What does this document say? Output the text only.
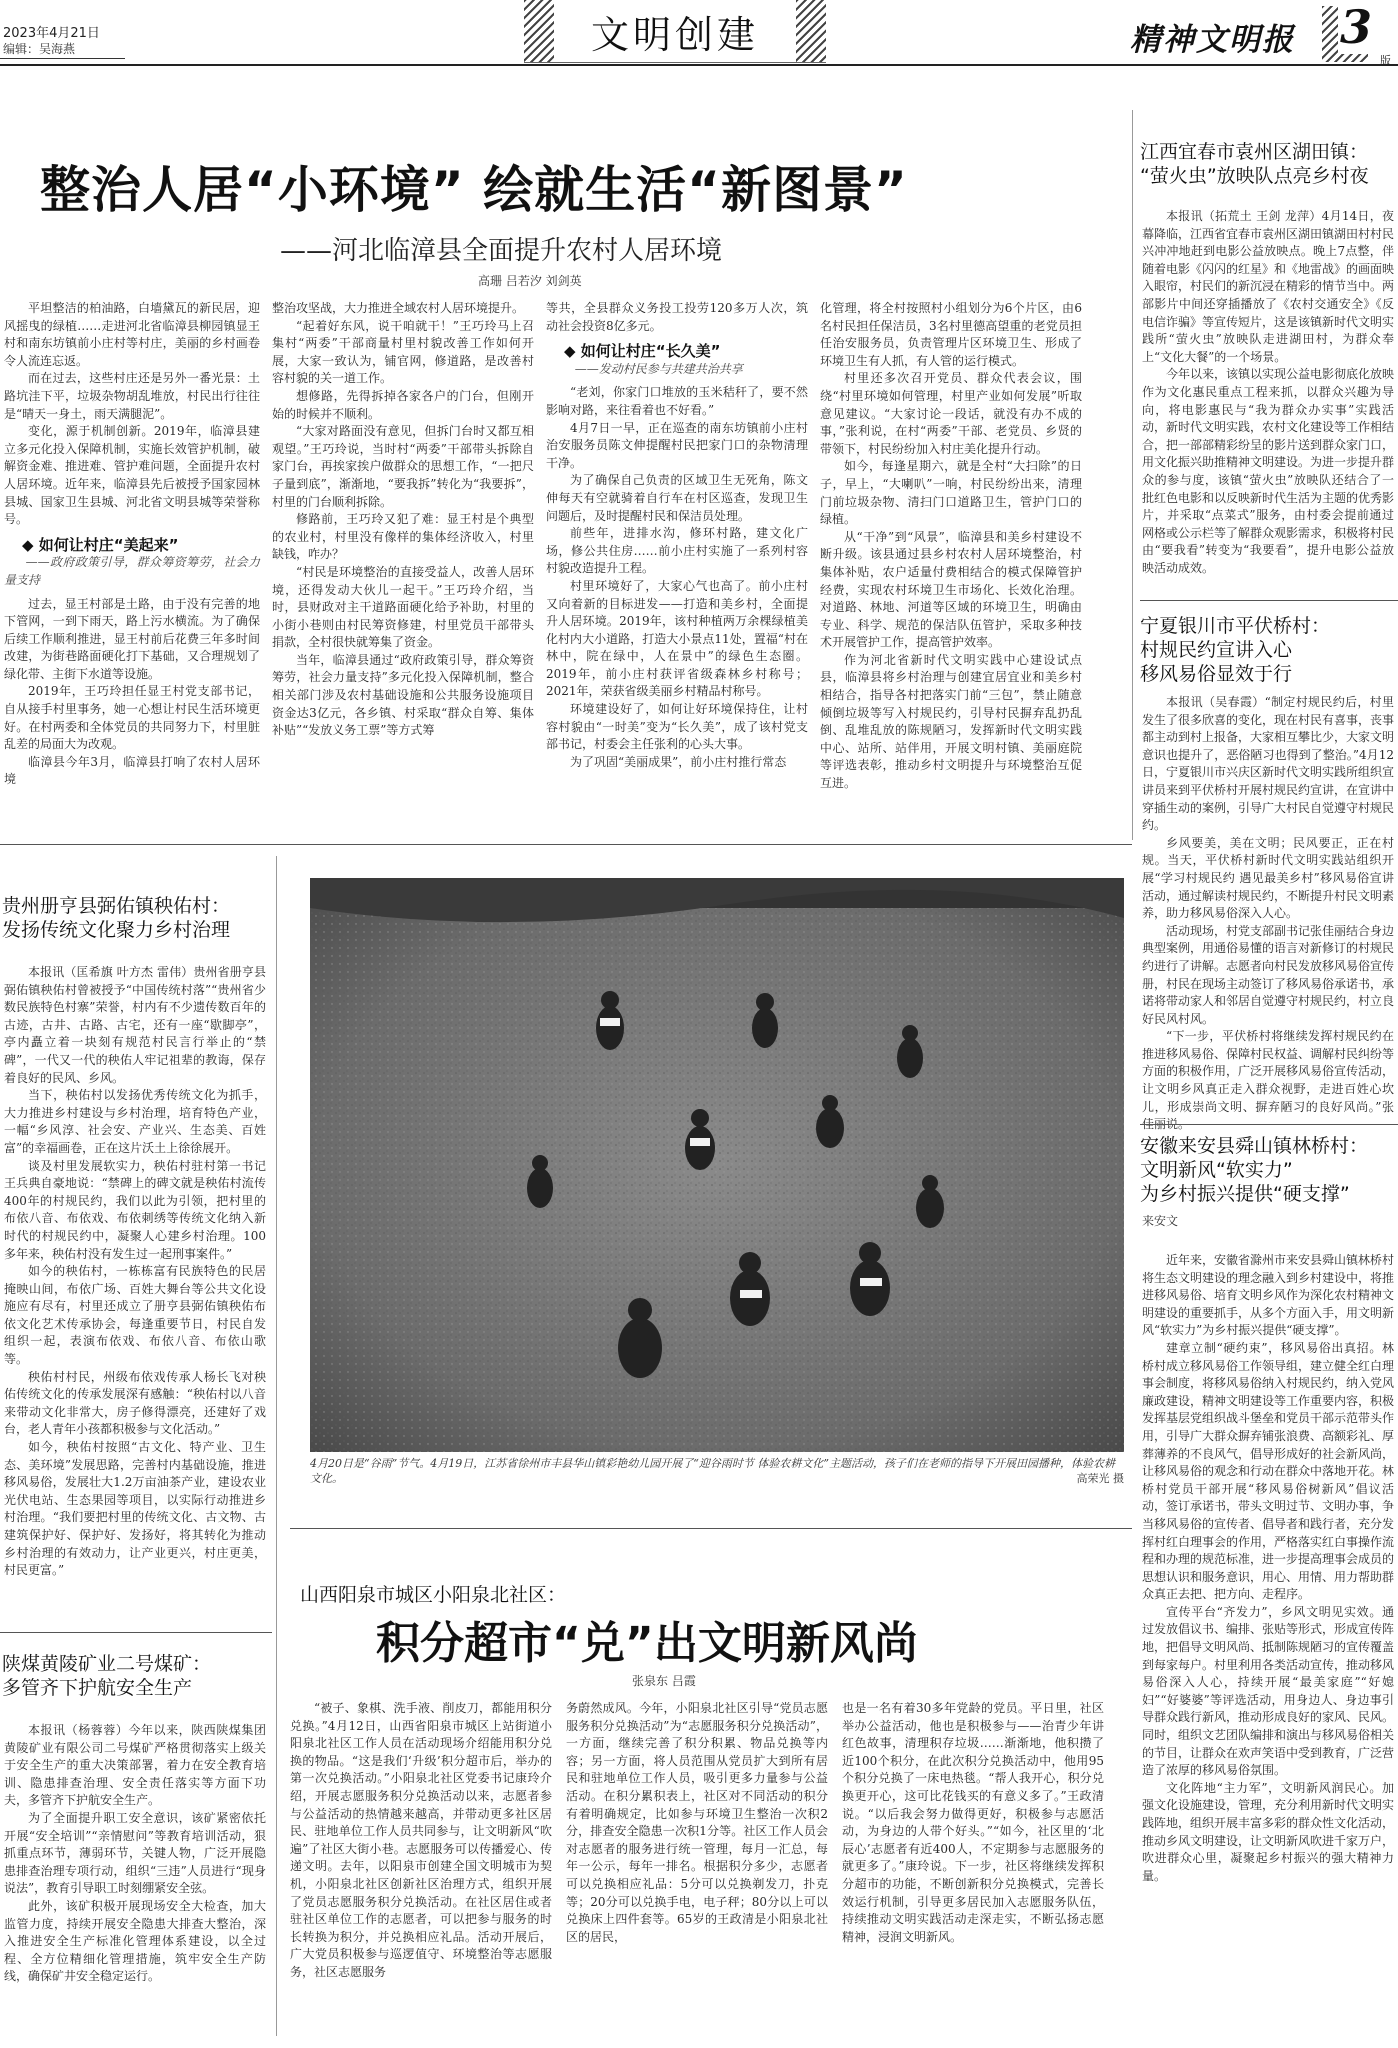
2023年4月21日
编辑：吴海燕	文明创建	精神文明报 3
版
整治人居“小环境” 绘就生活“新图景”
——河北临漳县全面提升农村人居环境
高珊 吕若汐 刘剑英

平坦整洁的柏油路，白墙黛瓦的新民居，迎风摇曳的绿植……走进河北省临漳县柳园镇显王村和南东坊镇前小庄村等村庄，美丽的乡村画卷令人流连忘返。

而在过去，这些村庄还是另外一番光景：土路坑洼下平，垃圾杂物胡乱堆放，村民出行往往是“晴天一身土，雨天满腿泥”。

变化，源于机制创新。2019年，临漳县建立多元化投入保障机制，实施长效管护机制，破解资金难、推进难、管护难问题，全面提升农村人居环境。近年来，临漳县先后被授予国家园林县城、国家卫生县城、河北省文明县城等荣誉称号。

◆ 如何让村庄“美起来”
——政府政策引导，群众筹资筹劳，社会力量支持

过去，显王村部是土路，由于没有完善的地下管网，一到下雨天，路上污水横流。为了确保后续工作顺利推进，显王村前后花费三年多时间改建，为街巷路面硬化打下基础，又合理规划了绿化带、主街下水道等设施。

2019年，王巧玲担任显王村党支部书记，自从接手村里事务，她一心想让村民生活环境更好。在村两委和全体党员的共同努力下，村里脏乱差的局面大为改观。

临漳县今年3月，临漳县打响了农村人居环境

整治攻坚战，大力推进全域农村人居环境提升。

“起着好东风，说干咱就干！”王巧玲马上召集村“两委”干部商量村里村貌改善工作如何开展，大家一致认为，铺官网，修道路，是改善村容村貌的关一道工作。

想修路，先得拆掉各家各户的门台，但刚开始的时候并不顺利。

“大家对路面没有意见，但拆门台时又都互相观望。”王巧玲说，当时村“两委”干部带头拆除自家门台，再挨家挨户做群众的思想工作，“一把尺子量到底”，渐渐地，“要我拆”转化为“我要拆”，村里的门台顺利拆除。

修路前，王巧玲又犯了难：显王村是个典型的农业村，村里没有像样的集体经济收入，村里缺钱，咋办？

“村民是环境整治的直接受益人，改善人居环境，还得发动大伙儿一起干。”王巧玲介绍，当时，县财政对主干道路面硬化给予补助，村里的小街小巷则由村民筹资修建，村里党员干部带头捐款，全村很快就筹集了资金。

当年，临漳县通过“政府政策引导，群众筹资筹劳，社会力量支持”多元化投入保障机制，整合相关部门涉及农村基础设施和公共服务设施项目资金达3亿元，各乡镇、村采取“群众自筹、集体补贴”“发放义务工票”等方式筹

等共，全县群众义务投工投劳120多万人次，筑动社会投资8亿多元。

◆ 如何让村庄“长久美”
——发动村民参与共建共治共享

“老刘，你家门口堆放的玉米秸秆了，要不然影响对路，来往看着也不好看。”

4月7日一早，正在巡查的南东坊镇前小庄村治安服务员陈文伸提醒村民把家门口的杂物清理干净。

为了确保自己负责的区域卫生无死角，陈文伸每天有空就骑着自行车在村区巡查，发现卫生问题后，及时提醒村民和保洁员处理。

前些年，进排水沟，修环村路，建文化广场，修公共住房……前小庄村实施了一系列村容村貌改造提升工程。

村里环境好了，大家心气也高了。前小庄村又向着新的目标进发——打造和美乡村，全面提升人居环境。2019年，该村种植两万余棵绿植美化村内大小道路，打造大小景点11处，置福“村在林中，院在绿中，人在景中”的绿色生态圈。2019年，前小庄村获评省级森林乡村称号；2021年，荣获省级美丽乡村精品村称号。

环境建设好了，如何让好环境保持住，让村容村貌由“一时美”变为“长久美”，成了该村党支部书记，村委会主任张利的心头大事。

为了巩固“美丽成果”，前小庄村推行常态

化管理，将全村按照村小组划分为6个片区，由6名村民担任保洁员，3名村里德高望重的老党员担任治安服务员，负责管理片区环境卫生、形成了环境卫生有人抓，有人管的运行模式。

村里还多次召开党员、群众代表会议，围绕“村里环境如何管理，村里产业如何发展”听取意见建议。“大家讨论一段话，就没有办不成的事，”张利说，在村“两委”干部、老党员、乡贤的带领下，村民纷纷加入村庄美化提升行动。

如今，每逢星期六，就是全村“大扫除”的日子，早上，“大喇叭”一响，村民纷纷出来，清理门前垃圾杂物、清扫门口道路卫生，管护门口的绿植。

从“干净”到“风景”，临漳县和美乡村建设不断升级。该县通过县乡村农村人居环境整治，村集体补贴，农户适量付费相结合的模式保障管护经费，实现农村环境卫生市场化、长效化治理。对道路、林地、河道等区域的环境卫生，明确由专业、科学、规范的保洁队伍管护，采取多种技术开展管护工作，提高管护效率。

作为河北省新时代文明实践中心建设试点县，临漳县将乡村治理与创建宜居宜业和美乡村相结合，指导各村把落实门前“三包”，禁止随意倾倒垃圾等写入村规民约，引导村民摒弃乱扔乱倒、乱堆乱放的陈规陋习，发挥新时代文明实践中心、站所、站伴用，开展文明村镇、美丽庭院等评选表彰，推动乡村文明提升与环境整治互促互进。

江西宜春市袁州区湖田镇：
“萤火虫”放映队点亮乡村夜

本报讯（拓荒土 王剑 龙萍）4月14日，夜幕降临，江西省宜春市袁州区湖田镇湖田村村民兴冲冲地赶到电影公益放映点。晚上7点整，伴随着电影《闪闪的红星》和《地雷战》的画面映入眼帘，村民们的新沉浸在精彩的情节当中。两部影片中间还穿插播放了《农村交通安全》《反电信诈骗》等宣传短片，这是该镇新时代文明实践所“萤火虫”放映队走进湖田村，为群众奉上“文化大餐”的一个场景。

今年以来，该镇以实现公益电影彻底化放映作为文化惠民重点工程来抓，以群众兴趣为导向，将电影惠民与“我为群众办实事”实践活动，新时代文明实践，农村文化建设等工作相结合，把一部部精彩纷呈的影片送到群众家门口，用文化振兴助推精神文明建设。为进一步提升群众的参与度，该镇“萤火虫”放映队还结合了一批红色电影和以反映新时代生活为主题的优秀影片，并采取“点菜式”服务，由村委会提前通过网格或公示栏等了解群众观影需求，积极将村民由“要我看”转变为“我要看”，提升电影公益放映活动成效。

宁夏银川市平伏桥村：
村规民约宣讲入心
移风易俗显效于行

本报讯（吴春霞）“制定村规民约后，村里发生了很多欣喜的变化，现在村民有喜事，丧事都主动到村上报备，大家相互攀比少，大家文明意识也提升了，恶俗陋习也得到了整治。”4月12日，宁夏银川市兴庆区新时代文明实践所组织宣讲员来到平伏桥村开展村规民约宣讲，在宣讲中穿插生动的案例，引导广大村民自觉遵守村规民约。

乡风要美，美在文明；民风要正，正在村规。当天，平伏桥村新时代文明实践站组织开展“学习村规民约 遇见最美乡村”移风易俗宣讲活动，通过解读村规民约，不断提升村民文明素养，助力移风易俗深入人心。

活动现场，村党支部副书记张佳丽结合身边典型案例，用通俗易懂的语言对新修订的村规民约进行了讲解。志愿者向村民发放移风易俗宣传册，村民在现场主动签订了移风易俗承诺书，承诺将带动家人和邻居自觉遵守村规民约，村立良好民风村风。

“下一步，平伏桥村将继续发挥村规民约在推进移风易俗、保障村民权益、调解村民纠纷等方面的积极作用，广泛开展移风易俗宣传活动，让文明乡风真正走入群众视野，走进百姓心坎儿，形成崇尚文明、摒弃陋习的良好风尚。”张佳丽说。

安徽来安县舜山镇林桥村：
文明新风“软实力”
为乡村振兴提供“硬支撑”
来安文

近年来，安徽省滁州市来安县舜山镇林桥村将生态文明建设的理念融入到乡村建设中，将推进移风易俗、培育文明乡风作为深化农村精神文明建设的重要抓手，从多个方面入手，用文明新风“软实力”为乡村振兴提供“硬支撑”。

建章立制“硬约束”，移风易俗出真招。林桥村成立移风易俗工作领导组，建立健全红白理事会制度，将移风易俗纳入村规民约，纳入党风廉政建设，精神文明建设等工作重要内容，积极发挥基层党组织战斗堡垒和党员干部示范带头作用，引导广大群众摒弃铺张浪费、高额彩礼、厚葬薄养的不良风气，倡导形成好的社会新风尚，让移风易俗的观念和行动在群众中落地开花。林桥村党员干部开展“移风易俗树新风”倡议活动，签订承诺书，带头文明过节、文明办事，争当移风易俗的宣传者、倡导者和践行者，充分发挥村红白理事会的作用，严格落实红白事操作流程和办理的规范标准，进一步提高理事会成员的思想认识和服务意识，用心、用情、用力帮助群众真正去把、把方向、走程序。

宣传平台“齐发力”，乡风文明见实效。通过发放倡议书、编排、张贴等形式，形成宣传阵地，把倡导文明风尚、抵制陈规陋习的宣传覆盖到每家每户。村里利用各类活动宣传，推动移风易俗深入人心，持续开展“最美家庭”“好媳妇”“好婆婆”等评选活动，用身边人、身边事引导群众践行新风，推动形成良好的家风、民风。同时，组织文艺团队编排和演出与移风易俗相关的节目，让群众在欢声笑语中受到教育，广泛营造了浓厚的移风易俗氛围。

文化阵地“主力军”，文明新风润民心。加强文化设施建设，管理，充分利用新时代文明实践阵地，组织开展丰富多彩的群众性文化活动，推动乡风文明建设，让文明新风吹进千家万户，吹进群众心里，凝聚起乡村振兴的强大精神力量。

贵州册亨县弼佑镇秧佑村：
发扬传统文化聚力乡村治理

本报讯（匡希旗 叶方杰 雷伟）贵州省册亨县弼佑镇秧佑村曾被授予“中国传统村落”“贵州省少数民族特色村寨”荣誉，村内有不少遗传数百年的古迹，古井、古路、古宅，还有一座“歇脚亭”，亭内矗立着一块刻有规范村民言行举止的“禁碑”，一代又一代的秧佑人牢记祖辈的教诲，保存着良好的民风、乡风。

当下，秧佑村以发扬优秀传统文化为抓手，大力推进乡村建设与乡村治理，培育特色产业，一幅“乡风淳、社会安、产业兴、生态美、百姓富”的幸福画卷，正在这片沃土上徐徐展开。

谈及村里发展软实力，秧佑村驻村第一书记王兵典自豪地说：“禁碑上的碑文就是秧佑村流传400年的村规民约，我们以此为引领，把村里的布依八音、布依戏、布依刺绣等传统文化纳入新时代的村规民约中，凝聚人心建乡村治理。100多年来，秧佑村没有发生过一起刑事案件。”

如今的秧佑村，一栋栋富有民族特色的民居掩映山间，布依广场、百姓大舞台等公共文化设施应有尽有，村里还成立了册亨县弼佑镇秧佑布依文化艺术传承协会，每逢重要节日，村民自发组织一起，表演布依戏、布依八音、布依山歌等。

秧佑村村民，州级布依戏传承人杨长飞对秧佑传统文化的传承发展深有感触：“秧佑村以八音来带动文化非常大，房子修得漂亮，还建好了戏台，老人青年小孩都积极参与文化活动。”

如今，秧佑村按照“古文化、特产业、卫生态、美环境”发展思路，完善村内基础设施，推进移风易俗，发展壮大1.2万亩油茶产业，建设农业光伏电站、生态果园等项目，以实际行动推进乡村治理。“我们要把村里的传统文化、古文物、古建筑保护好、保护好、发扬好，将其转化为推动乡村治理的有效动力，让产业更兴，村庄更美，村民更富。”

陕煤黄陵矿业二号煤矿：
多管齐下护航安全生产

本报讯（杨蓉蓉）今年以来，陕西陕煤集团黄陵矿业有限公司二号煤矿严格贯彻落实上级关于安全生产的重大决策部署，着力在安全教育培训、隐患排查治理、安全责任落实等方面下功夫，多管齐下护航安全生产。

为了全面提升职工安全意识，该矿紧密依托开展“安全培训”“亲情慰问”等教育培训活动，狠抓重点环节，薄弱环节，关键人物，广泛开展隐患排查治理专项行动，组织“三违”人员进行“现身说法”，教育引导职工时刻绷紧安全弦。

此外，该矿积极开展现场安全大检查，加大监管力度，持续开展安全隐患大排查大整治，深入推进安全生产标准化管理体系建设，以全过程、全方位精细化管理措施，筑牢安全生产防线，确保矿井安全稳定运行。

4月20日是“谷雨”节气。4月19日，江苏省徐州市丰县华山镇彩艳幼儿园开展了“迎谷雨时节 体验农耕文化”主题活动，孩子们在老师的指导下开展田园播种，体验农耕文化。	高荣光 摄
山西阳泉市城区小阳泉北社区：
积分超市“兑”出文明新风尚
张泉东 吕霞

“被子、象棋、洗手液、削皮刀，都能用积分兑换。”4月12日，山西省阳泉市城区上站街道小阳泉北社区工作人员在活动现场介绍能用积分兑换的物品。“这是我们‘升级’积分超市后，举办的第一次兑换活动。”小阳泉北社区党委书记康玲介绍，开展志愿服务积分兑换活动以来，志愿者参与公益活动的热情越来越高，并带动更多社区居民、驻地单位工作人员共同参与，让文明新风“吹遍”了社区大街小巷。志愿服务可以传播爱心、传递文明。去年，以阳泉市创建全国文明城市为契机，小阳泉北社区创新社区治理方式，组织开展了党员志愿服务积分兑换活动。在社区居住或者驻社区单位工作的志愿者，可以把参与服务的时长转换为积分，并兑换相应礼品。活动开展后，广大党员积极参与巡逻值守、环境整治等志愿服务，社区志愿服务

务蔚然成风。今年，小阳泉北社区引导“党员志愿服务积分兑换活动”为“志愿服务积分兑换活动”，一方面，继续完善了积分积累、物品兑换等内容；另一方面，将人员范围从党员扩大到所有居民和驻地单位工作人员，吸引更多力量参与公益活动。在积分累积表上，社区对不同活动的积分有着明确规定，比如参与环境卫生整治一次积2分，排查安全隐患一次积1分等。社区工作人员会对志愿者的服务进行统一管理，每月一汇总，每年一公示，每年一排名。根据积分多少，志愿者可以兑换相应礼品：5分可以兑换剃发刀，扑克等；20分可以兑换手电，电子秤；80分以上可以兑换床上四件套等。65岁的王政清是小阳泉北社区的居民，

也是一名有着30多年党龄的党员。平日里，社区举办公益活动，他也是积极参与——治青少年讲红色故事，清理积存垃圾……渐渐地，他积攒了近100个积分，在此次积分兑换活动中，他用95个积分兑换了一床电热毯。“帮人我开心，积分兑换更开心，这可比花钱买的有意义多了。”王政清说。“以后我会努力做得更好，积极参与志愿活动，为身边的人带个好头。”“如今，社区里的‘北辰心’志愿者有近400人，不定期参与志愿服务的就更多了。”康玲说。下一步，社区将继续发挥积分超市的功能，不断创新积分兑换模式，完善长效运行机制，引导更多居民加入志愿服务队伍，持续推动文明实践活动走深走实，不断弘扬志愿精神，浸润文明新风。
